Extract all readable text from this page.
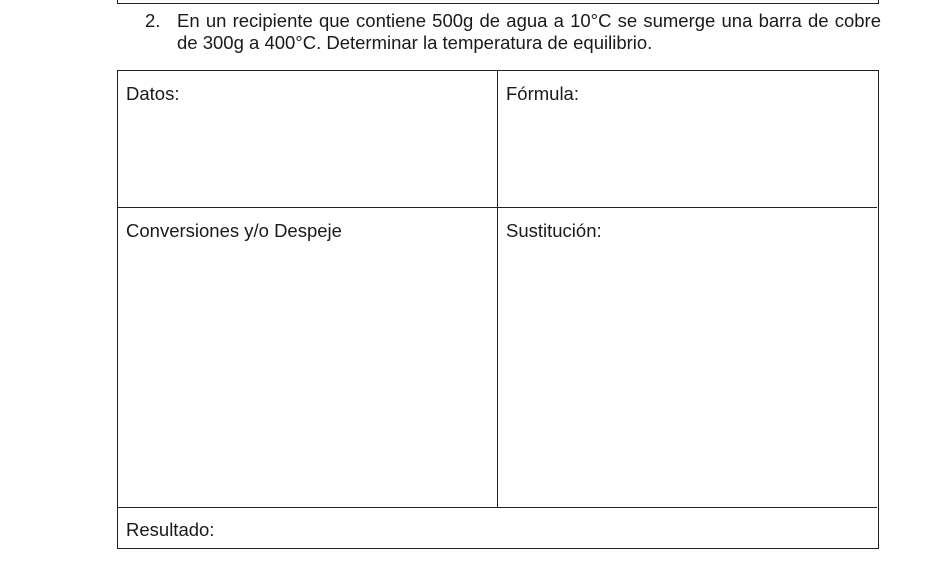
2. En un recipiente que contiene 500g de agua a 10°C se sumerge una barra de cobre de 300g a 400°C. Determinar la temperatura de equilibrio.
Datos:	Fórmula:
Conversiones y/o Despeje	Sustitución:
Resultado:
